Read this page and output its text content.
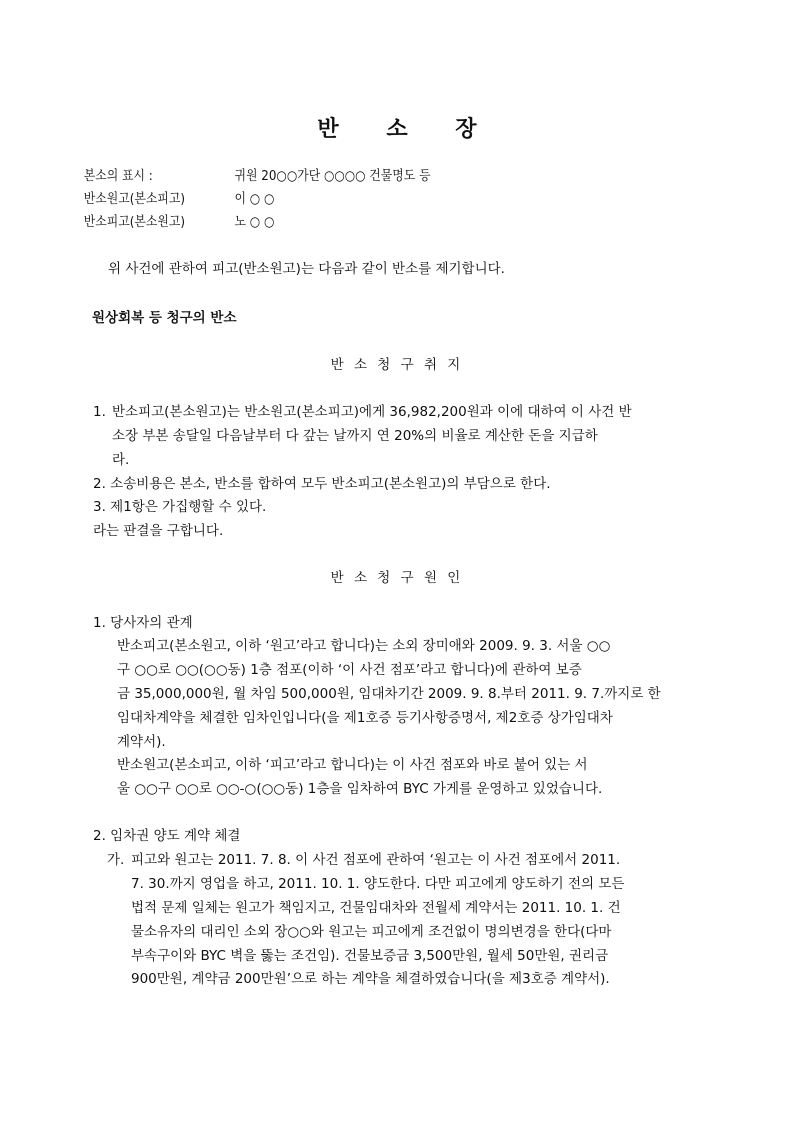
반 소 장
본소의 표시 :	귀원 20○○가단 ○○○○ 건물명도 등
반소원고(본소피고)	이 ○ ○
반소피고(본소원고)	노 ○ ○
위 사건에 관하여 피고(반소원고)는 다음과 같이 반소를 제기합니다.
원상회복 등 청구의 반소
반 소 청 구 취 지
1. 반소피고(본소원고)는 반소원고(본소피고)에게 36,982,200원과 이에 대하여 이 사건 반
소장 부본 송달일 다음날부터 다 갚는 날까지 연 20%의 비율로 계산한 돈을 지급하
라.
2. 소송비용은 본소, 반소를 합하여 모두 반소피고(본소원고)의 부담으로 한다.
3. 제1항은 가집행할 수 있다.
라는 판결을 구합니다.
반 소 청 구 원 인
1. 당사자의 관계
반소피고(본소원고, 이하 ‘원고’라고 합니다)는 소외 장미애와 2009. 9. 3. 서울 ○○
구 ○○로 ○○(○○동) 1층 점포(이하 ‘이 사건 점포’라고 합니다)에 관하여 보증
금 35,000,000원, 월 차임 500,000원, 임대차기간 2009. 9. 8.부터 2011. 9. 7.까지로 한
임대차계약을 체결한 임차인입니다(을 제1호증 등기사항증명서, 제2호증 상가임대차
계약서).
반소원고(본소피고, 이하 ‘피고’라고 합니다)는 이 사건 점포와 바로 붙어 있는 서
울 ○○구 ○○로 ○○-○(○○동) 1층을 임차하여 BYC 가게를 운영하고 있었습니다.
2. 임차권 양도 계약 체결
가. 피고와 원고는 2011. 7. 8. 이 사건 점포에 관하여 ‘원고는 이 사건 점포에서 2011.
7. 30.까지 영업을 하고, 2011. 10. 1. 양도한다. 다만 피고에게 양도하기 전의 모든
법적 문제 일체는 원고가 책임지고, 건물임대차와 전월세 계약서는 2011. 10. 1. 건
물소유자의 대리인 소외 장○○와 원고는 피고에게 조건없이 명의변경을 한다(다마
부속구이와 BYC 벽을 뚫는 조건임). 건물보증금 3,500만원, 월세 50만원, 권리금
900만원, 계약금 200만원’으로 하는 계약을 체결하였습니다(을 제3호증 계약서).
